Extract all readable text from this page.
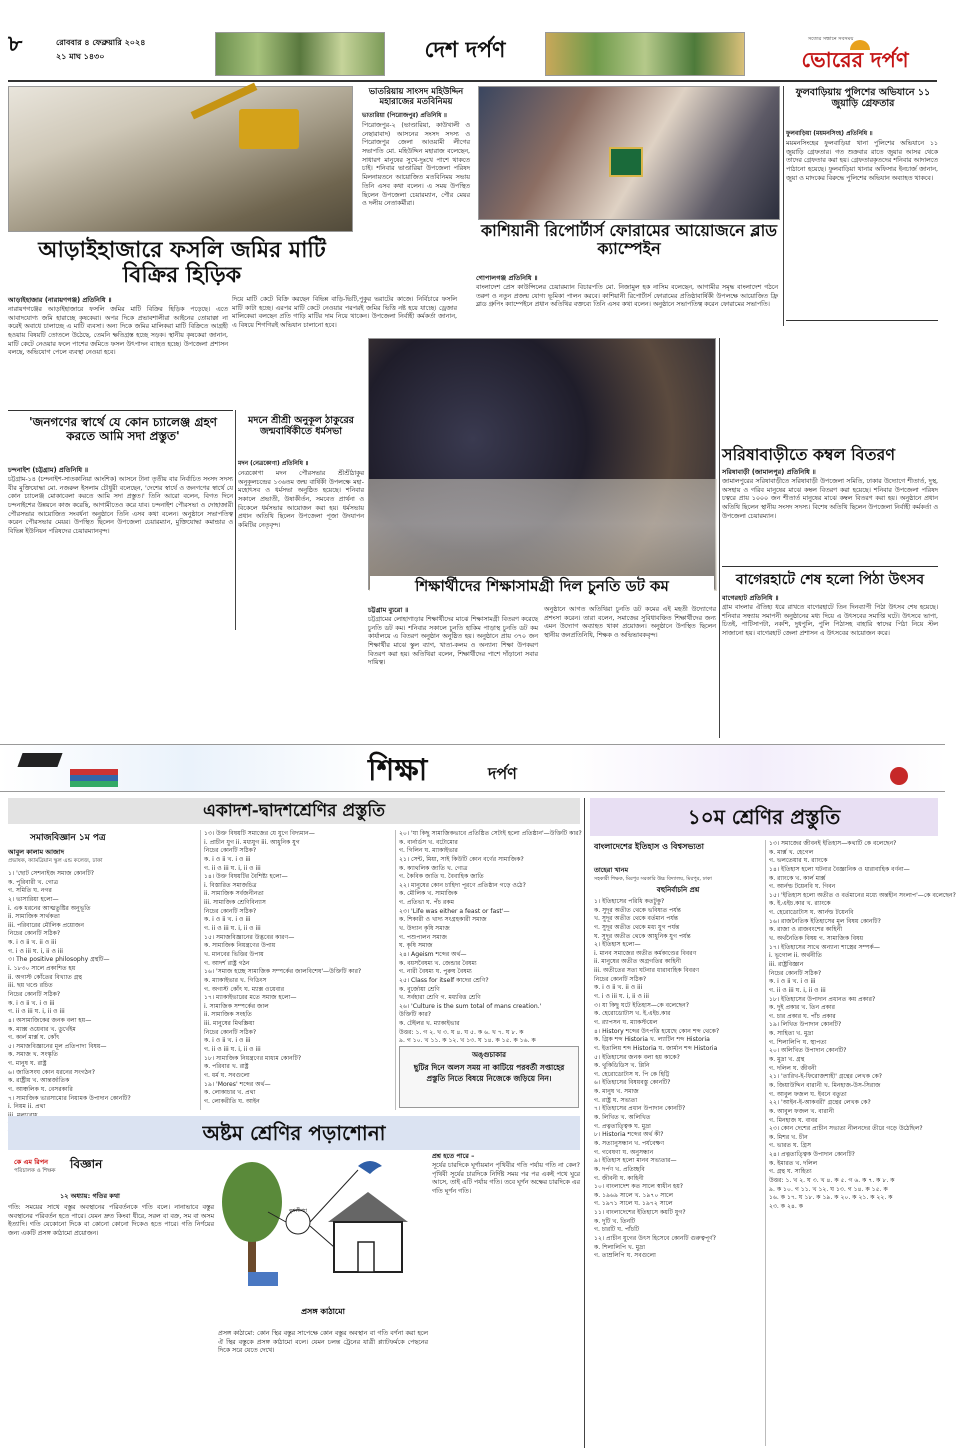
৮	রোববার ৪ ফেব্রুয়ারি ২০২৪
২১ মাঘ ১৪৩০	দেশ দর্পণ	সত্যের সন্ধানে সবসময়
ভোরের দর্পণ
আড়াইহাজারে ফসলি জমির মাটি বিক্রির হিড়িক
আড়াইহাজার (নারায়ণগঞ্জ) প্রতিনিধি ॥
নারায়ণগঞ্জের আড়াইহাজারে ফসলি জমির মাটি বিক্রির হিড়িক পড়েছে। এতে আবাদযোগ্য জমি হারাচ্ছে কৃষকেরা। অপর দিকে প্রভাবশালীরা আইনের তোয়াক্কা না করেই অবাধে চালাচ্ছে এ মাটি ব্যবসা। অন্য দিকে জমির মালিকরা মাটি বিক্রিতে আগ্রহী হওয়ায় বিষয়টি তোতলে উঠেছে, তেমনি ক্ষতিগ্রস্ত হচ্ছে সড়ক। স্থানীয় কৃষকেরা জানান, মাটি কেটে নেওয়ার ফলে পাশের জমিতে ফসল উৎপাদন ব্যাহত হচ্ছে। উপজেলা প্রশাসন বলছে, অভিযোগ পেলে ব্যবস্থা নেওয়া হবে।
দিয়ে মাটি কেটে বিক্রি করছেন বিভিন্ন বাড়ি-ভিটি,পুকুর ভরাটের কাজে। নির্বিচারে ফসলি মাটি কাটা হচ্ছে। এরপর মাটি কেটে নেওয়ার পরপরই জমির ভিত্তি নষ্ট হয়ে যাচ্ছে। ড্রেজার মালিকেরা বলছেন প্রতি গাড়ি মাটির দাম নিয়ে থাকেন। উপজেলা নির্বাহী কর্মকর্তা জানান, এ বিষয়ে শিগগিরই অভিযান চালানো হবে।
ভাতরিয়ায় সাংসদ মহিউদ্দিন মহারাজের মতবিনিময়
ভাতারিয়া (পিরোজপুর) প্রতিনিধি ॥
পিরোজপুর-২ (ভাণ্ডারিয়া, কাউখালী ও নেছারাবাদ) আসনের সংসদ সদস্য ও পিরোজপুর জেলা আওয়ামী লীগের সভাপতি মো. মহিউদ্দিন মহারাজ বলেছেন, সাধারণ মানুষের সুখে-দুঃখে পাশে থাকতে চাই। শনিবার ভাণ্ডারিয়া উপজেলা পরিষদ মিলনায়তনে আয়োজিত মতবিনিময় সভায় তিনি এসব কথা বলেন। এ সময় উপস্থিত ছিলেন উপজেলা চেয়ারম্যান, পৌর মেয়র ও দলীয় নেতাকর্মীরা।
কাশিয়ানী রিপোর্টার্স ফোরামের আয়োজনে ব্লাড ক্যাম্পেইন
গোপালগঞ্জ প্রতিনিধি ॥
বাংলাদেশ প্রেস কাউন্সিলের চেয়ারম্যান বিচারপতি মো. নিজামুল হক নাসিম বলেছেন, আগামীর সমৃদ্ধ বাংলাদেশ গঠনে তরুণ ও নতুন প্রজন্ম যোগ্য ভূমিকা পালন করবে। কাশিয়ানী রিপোর্টার্স ফোরামের প্রতিষ্ঠাবার্ষিকী উপলক্ষে আয়োজিত ফ্রি ব্লাড গ্রুপিং ক্যাম্পেইনে প্রধান অতিথির বক্তব্যে তিনি এসব কথা বলেন। অনুষ্ঠানে সভাপতিত্ব করেন ফোরামের সভাপতি।
ফুলবাড়িয়ায় পুলিশের অভিযানে ১১ জুয়াড়ি গ্রেফতার
ফুলবাড়িয়া (ময়মনসিংহ) প্রতিনিধি ॥
ময়মনসিংহের ফুলবাড়িয়া থানা পুলিশের অভিযানে ১১ জুয়াড়ি গ্রেফতার। গত শুক্রবার রাতে জুয়ার আসর থেকে তাদের গ্রেফতার করা হয়। গ্রেফতারকৃতদের শনিবার আদালতে পাঠানো হয়েছে। ফুলবাড়িয়া থানার অফিসার ইনচার্জ জানান, জুয়া ও মাদকের বিরুদ্ধে পুলিশের অভিযান অব্যাহত থাকবে।
'জনগণের স্বার্থে যে কোন চ্যালেঞ্জ গ্রহণ করতে আমি সদা প্রস্তুত'
চন্দনাইশ (চট্টগ্রাম) প্রতিনিধি ॥
চট্টগ্রাম-১৪ (চন্দনাইশ-সাতকানিয়া আংশিক) আসনে টানা তৃতীয় বার নির্বাচিত সংসদ সদস্য বীর মুক্তিযোদ্ধা মো. নজরুল ইসলাম চৌধুরী বলেছেন, 'দেশের স্বার্থে ও জনগণের স্বার্থে যে কোন চ্যালেঞ্জ মোকাবেলা করতে আমি সদা প্রস্তুত।' তিনি আরো বলেন, বিগত দিনে চন্দনাইশের উন্নয়নে কাজ করেছি, আগামীতেও করে যাব। চন্দনাইশ পৌরসভা ও দোহাজারী পৌরসভার আয়োজিত সংবর্ধনা অনুষ্ঠানে তিনি এসব কথা বলেন। অনুষ্ঠানে সভাপতিত্ব করেন পৌরসভার মেয়র। উপস্থিত ছিলেন উপজেলা চেয়ারম্যান, মুক্তিযোদ্ধা কমান্ডার ও বিভিন্ন ইউনিয়ন পরিষদের চেয়ারম্যানবৃন্দ।
মদনে শ্রীশ্রী অনুকূল ঠাকুরের জন্মবার্ষিকীতে ধর্মসভা
মদন (নেত্রকোণা) প্রতিনিধি ॥
নেত্রকোণা মদন পৌরসভার শ্রীশ্রীঠাকুর অনুকূলচন্দ্রের ১৩৬তম জন্ম বার্ষিকী উপলক্ষে মহা-মহোৎসব ও ধর্মসভা অনুষ্ঠিত হয়েছে। শনিবার সকালে প্রভাতী, উষাকীর্তন, সমবেত প্রার্থনা ও বিকেলে ধর্মসভার আয়োজন করা হয়। ধর্মসভায় প্রধান অতিথি ছিলেন উপজেলা পূজা উদযাপন কমিটির নেতৃবৃন্দ।
শিক্ষার্থীদের শিক্ষাসামগ্রী দিল চুনতি ডট কম
চট্টগ্রাম ব্যুরো ॥
চট্টগ্রামের লোহাগাড়ার শিক্ষার্থীদের মাঝে শিক্ষাসামগ্রী বিতরণ করেছে চুনতি ডট কম। শনিবার সকালে চুনতি হাকিম পাড়াস্থ চুনতি ডট কম কার্যালয়ে এ বিতরণ অনুষ্ঠান অনুষ্ঠিত হয়। অনুষ্ঠানে প্রায় ৩৭০ জন শিক্ষার্থীর মাঝে স্কুল ব্যাগ, খাতা-কলম ও অন্যান্য শিক্ষা উপকরণ বিতরণ করা হয়। অতিথিরা বলেন, শিক্ষার্থীদের পাশে দাঁড়ানো সবার দায়িত্ব।
অনুষ্ঠানে আগত অতিথিরা চুনতি ডট কমের এই মহতী উদ্যোগের প্রশংসা করেন। তারা বলেন, সমাজের সুবিধাবঞ্চিত শিক্ষার্থীদের জন্য এমন উদ্যোগ অব্যাহত থাকা প্রয়োজন। অনুষ্ঠানে উপস্থিত ছিলেন স্থানীয় জনপ্রতিনিধি, শিক্ষক ও অভিভাবকবৃন্দ।
সরিষাবাড়ীতে কম্বল বিতরণ
সরিষাবাড়ী (জামালপুর) প্রতিনিধি ॥
জামালপুরের সরিষাবাড়ীতে সরিষাবাড়ী উপজেলা সমিতি, ঢাকার উদ্যোগে শীতার্ত, দুস্থ, অসহায় ও গরিব মানুষের মাঝে কম্বল বিতরণ করা হয়েছে। শনিবার উপজেলা পরিষদ চত্বরে প্রায় ১০০০ জন শীতার্ত মানুষের মাঝে কম্বল বিতরণ করা হয়। অনুষ্ঠানে প্রধান অতিথি ছিলেন স্থানীয় সংসদ সদস্য। বিশেষ অতিথি ছিলেন উপজেলা নির্বাহী কর্মকর্তা ও উপজেলা চেয়ারম্যান।
বাগেরহাটে শেষ হলো পিঠা উৎসব
বাগেরহাট প্রতিনিধি ॥
গ্রাম বাংলার ঐতিহ্য ধরে রাখতে বাগেরহাটে তিন দিনব্যাপী পিঠা উৎসব শেষ হয়েছে। শনিবার সন্ধ্যায় সমাপনী অনুষ্ঠানের মধ্য দিয়ে এ উৎসবের সমাপ্তি ঘটে। উৎসবে ভাপা, চিতই, পাটিসাপটা, নকশি, দুধপুলি, পুলি পিঠাসহ বাহারি স্বাদের পিঠা নিয়ে স্টল সাজানো হয়। বাগেরহাট জেলা প্রশাসন এ উৎসবের আয়োজন করে।
শিক্ষা	দর্পণ
একাদশ-দ্বাদশশ্রেণির প্রস্তুতি
সমাজবিজ্ঞান ১ম পত্র
আবুল কালাম আজাদ
প্রভাষক, ক্যামব্রিয়ান স্কুল এন্ড কলেজ, ঢাকা
১। 'ছোট সেশনাইজ সমাজ কোনটি?
ক. পুরিবারী খ. গোত্র
গ. সমিতি ঘ. নগর
২। ভাসারিয়া হলো—
i. এক ধরনের আত্মতুষ্টির অনুভূতি
ii. সামাজিক সার্থকতা
iii. পরিবারের মৌলিক প্রয়োজন
নিচের কোনটি সঠিক?
ক. i ও ii খ. ii ও iii
গ. i ও iii ঘ. i, ii ও iii
৩। The positive philosophy গ্রন্থটি—
i. ১৮৩০ সালে প্রকাশিত হয়
ii. অগাস্ট কোঁতের বিখ্যাত গ্রন্থ
iii. ছয় খণ্ডে রচিত
নিচের কোনটি সঠিক?
ক. i ও ii খ. i ও iii
গ. ii ও iii ঘ. i, ii ও iii
৪। অসামাজিকের জনক বলা হয়—
ক. ম্যাক্স ওয়েবার খ. ডুর্খেইম
গ. কার্ল মার্ক্স ঘ. কোঁৎ
৫। সমাজবিজ্ঞানের মূল প্রতিপাদ্য বিষয়—
ক. সমাজ খ. সংস্কৃতি
গ. মানুষ ঘ. রাষ্ট্র
৬। জাতিসংঘ কোন ধরনের সংগঠন?
ক. রাষ্ট্রীয় খ. আন্তর্জাতিক
গ. আঞ্চলিক ঘ. বেসরকারি
৭। সামাজিক ভারসাম্যের নিয়ামক উপাদান কোনটি?
i. নিয়ম ii. প্রথা
১৩। উক্ত বিষয়টি সমাজের যে যুগে বিদ্যমান—
i. প্রাচীন যুগ ii. মধ্যযুগ iii. আধুনিক যুগ
নিচের কোনটি সঠিক?
ক. i ও ii খ. i ও iii
গ. ii ও iii ঘ. i, ii ও iii
১৪। উক্ত বিষয়টির বৈশিষ্ট্য হলো—
i. বিস্তারিত সমাজচিত্র
ii. সামাজিক সর্বজনীনতা
iii. সামাজিক শ্রেণিবিন্যাস
নিচের কোনটি সঠিক?
ক. i ও ii খ. i ও iii
গ. ii ও iii ঘ. i, ii ও iii
১৫। সমাজবিজ্ঞানের উদ্ভবের কারণ—
ক. সামাজিক নিয়ন্ত্রণের উপায়
খ. মানবের ভিত্তির উপায়
গ. আদর্শ রাষ্ট্র গঠন
১৬। 'সমাজ হচ্ছে সামাজিক সম্পর্কের জালবিশেষ'—উক্তিটি কার?
ক. ম্যাকাইভার খ. গিডিংস
গ. অগাস্ট কোঁৎ ঘ. ম্যাক্স ওয়েবার
১৭। ম্যাকাইভারের মতে সমাজ হলো—
i. সামাজিক সম্পর্কের জাল
ii. সামাজিক সংহতি
iii. মানুষের মিথস্ক্রিয়া
নিচের কোনটি সঠিক?
ক. i ও ii খ. i ও iii
গ. ii ও iii ঘ. i, ii ও iii
১৮। সামাজিক নিয়ন্ত্রণের মাধ্যম কোনটি?
ক. পরিবার খ. রাষ্ট্র
গ. ধর্ম ঘ. সবগুলো
১৯। 'Mores' শব্দের অর্থ—
ক. লোকাচার খ. প্রথা
গ. লোকরীতি ঘ. আইন
২০। 'যা কিছু সামাজিকভাবে প্রতিষ্ঠিত সেটাই হলো প্রতিষ্ঠান'—উক্তিটি কার?
ক. বার্নার্ডস খ. বটোমোর
গ. গিলিন ঘ. ম্যাকাইভার
২১। সেন্ট, মিয়া, সাই কিউটি কোন বর্ণের সামাজিক?
ক. ক্যাথলিক জাতি খ. গোত্র
গ. কৈবিক জাতি ঘ. বৈবাহিক জাতি
২২। মানুষের কোন চাহিদা পূরণে প্রতিষ্ঠান গড়ে ওঠে?
ক. মৌলিক খ. সামাজিক
গ. প্রতিভা ঘ. পঁচ রকম
২৩। 'Life was either a feast or fast'—
ক. শিকারী ও খাদ্য সংগ্রহকারী সমাজ
খ. উদ্যান কৃষি সমাজ
গ. পশুপালন সমাজ
ঘ. কৃষি সমাজ
২৪। Ageism শব্দের অর্থ—
ক. বয়সবৈষম্য খ. জেন্ডার বৈষম্য
গ. নারী বৈষম্য ঘ. পুরুষ বৈষম্য
২৫। Class for itself কাদের শ্রেণি?
ক. বুর্জোয়া শ্রেণি
খ. সর্বহারা শ্রেণি গ. মধ্যবিত্ত শ্রেণি
২৬। 'Culture is the sum total of mans creation.'
উক্তিটি কার?
ক. টেইলর খ. ম্যাকাইভার
উত্তর: ১. গ ২. খ ৩. ঘ ৪. ঘ ৫. ক ৬. খ ৭. ঘ ৮. ক
৯. গ ১০. খ ১১. ক ১২. খ ১৩. ঘ ১৪. ক ১৫. ক ১৬. ক
অঙ্গুচাকার
ছুটির দিনে অলস সময় না কাটিয়ে পরবর্তী সপ্তাহের প্রস্তুতি নিতে বিষয়ে নিজেকে জড়িয়ে নিন।
১০ম শ্রেণির প্রস্তুতি
বাংলাদেশের ইতিহাস ও বিশ্বসভ্যতা
তাহেরা খানম
সহকারী শিক্ষক, মিরপুর সরকারি উচ্চ বিদ্যালয়, মিরপুর, ঢাকা
বহুনির্বাচনি প্রশ্ন
১। ইতিহাসের পরিধি কতটুকু?
ক. সুদূর অতীত থেকে ভবিষ্যত পর্যন্ত
খ. সুদূর অতীত থেকে বর্তমান পর্যন্ত
গ. সুদূর অতীত থেকে মধ্য যুগ পর্যন্ত
ঘ. সুদূর অতীত থেকে আধুনিক যুগ পর্যন্ত
২। ইতিহাস হলো—
i. মানব সমাজের অতীত কর্মকাণ্ডের বিবরণ
ii. মানুষের অতীত অগ্রগতির কাহিনী
iii. অতীতের সত্য ঘটনার ধারাবাহিক বিবরণ
নিচের কোনটি সঠিক?
ক. i ও ii খ. ii ও iii
গ. i ও iii ঘ. i, ii ও iii
৩। যা কিছু ঘটে ইতিহাস—কে বলেছেন?
ক. হেরোডোটাস খ. ই.এইচ.কার
গ. র‍্যাপসন ঘ. ম্যাকস্টয়েল
৪। History শব্দের উৎপত্তি হয়েছে কোন শব্দ থেকে?
ক. গ্রিক শব্দ Historia খ. ল্যাটিন শব্দ Historia
গ. ইতালিয় শব্দ Historia ঘ. জার্মান শব্দ Historia
৫। ইতিহাসের জনক বলা হয় কাকে?
ক. থুকিডিডিস খ. প্লিনি
গ. হেরোডোটাস ঘ. পি কে হিট্টি
৬। ইতিহাসের বিষয়বস্তু কোনটি?
ক. মানুষ খ. সমাজ
গ. রাষ্ট্র ঘ. সভ্যতা
৭। ইতিহাসের প্রধান উপাদান কোনটি?
ক. লিখিত খ. অলিখিত
গ. প্রত্নতাত্ত্বিক ঘ. মুদ্রা
৮। Historia শব্দের অর্থ কী?
ক. সত্যানুসন্ধান খ. পর্যবেক্ষণ
গ. গবেষণা ঘ. অনুসন্ধান
৯। ইতিহাস হলো মানব সভ্যতার—
ক. দর্পণ খ. প্রতিচ্ছবি
গ. জীবনী ঘ. কাহিনী
১০। বাংলাদেশ কত সালে স্বাধীন হয়?
ক. ১৯৬৯ সালে খ. ১৯৭০ সালে
গ. ১৯৭১ সালে ঘ. ১৯৭২ সালে
১১। বাংলাদেশের ইতিহাসে কয়টি যুগ?
ক. দুটি খ. তিনটি
গ. চারটি ঘ. পাঁচটি
১২। প্রাচীন যুগের উৎস হিসেবে কোনটি গুরুত্বপূর্ণ?
ক. শিলালিপি খ. মুদ্রা
গ. তাম্রলিপি ঘ. সবগুলো
১৩। সমাজের জীবনই ইতিহাস—কথাটি কে বলেছেন?
ক. মার্ক্স খ. হেগেল
গ. ভলতেয়ার ঘ. র‍্যাংকে
১৪। ইতিহাস হলো ঘটনার বৈজ্ঞানিক ও ধারাবাহিক বর্ণনা—
ক. র‍্যাংকে খ. কার্ল মার্ক্স
গ. আর্নল্ড টয়েনবি ঘ. গিবন
১৫। 'ইতিহাস হলো অতীত ও বর্তমানের মধ্যে অন্তহীন সংলাপ'—কে বলেছেন?
ক. ই.এইচ.কার খ. র‍্যাংকে
গ. হেরোডোটাস ঘ. আর্নল্ড টয়েনবি
১৬। রাজনৈতিক ইতিহাসের মূল বিষয় কোনটি?
ক. রাজা ও রাজবংশের কাহিনী
খ. অর্থনৈতিক বিষয় গ. সামাজিক বিষয়
১৭। ইতিহাসের সাথে অন্যান্য শাস্ত্রের সম্পর্ক—
i. ভূগোল ii. অর্থনীতি
iii. রাষ্ট্রবিজ্ঞান
নিচের কোনটি সঠিক?
ক. i ও ii খ. i ও iii
গ. ii ও iii ঘ. i, ii ও iii
১৮। ইতিহাসের উপাদান প্রধানত কয় প্রকার?
ক. দুই প্রকার খ. তিন প্রকার
গ. চার প্রকার ঘ. পাঁচ প্রকার
১৯। লিখিত উপাদান কোনটি?
ক. সাহিত্য খ. মুদ্রা
গ. শিলালিপি ঘ. স্থাপত্য
২০। অলিখিত উপাদান কোনটি?
ক. মুদ্রা খ. গ্রন্থ
গ. দলিল ঘ. জীবনী
২১। 'তারিখ-ই-ফিরোজশাহী' গ্রন্থের লেখক কে?
ক. জিয়াউদ্দিন বারানী খ. মিনহাজ-উস-সিরাজ
গ. আবুল ফজল ঘ. ইবনে বতুতা
২২। 'আইন-ই-আকবরী' গ্রন্থের লেখক কে?
ক. আবুল ফজল খ. বারানী
গ. মিনহাজ ঘ. বাবর
২৩। কোন দেশের প্রাচীন সভ্যতা নীলনদের তীরে গড়ে উঠেছিল?
ক. মিশর খ. চীন
গ. ভারত ঘ. গ্রিস
২৪। প্রত্নতাত্ত্বিক উপাদান কোনটি?
ক. ইমারত খ. দলিল
গ. গ্রন্থ ঘ. সাহিত্য
উত্তর: ১. খ ২. ঘ ৩. খ ৪. ক ৫. গ ৬. ক ৭. ক ৮. ক
৯. ক ১০. গ ১১. খ ১২. ঘ ১৩. গ ১৪. ক ১৫. ক
১৬. ক ১৭. ঘ ১৮. ক ১৯. ক ২০. ক ২১. ক ২২. ক
২৩. ক ২৪. ক
অষ্টম শ্রেণির পড়াশোনা
কে এম রিপন
পরিচালক ও শিক্ষক বিজ্ঞান
১২ অধ্যায়: গতির কথা
গতি: সময়ের সাথে বস্তুর অবস্থানের পরিবর্তনকে গতি বলে। নানাভাবে বস্তুর অবস্থানের পরিবর্তন হতে পারে। যেমন দ্রুত কিংবা ধীরে, সরল বা বক্র, সম বা অসম ইত্যাদি। গতি যেকোনো দিকে বা কোনো কোনো দিকেও হতে পারে। গতি নির্ণয়ের জন্য একটি প্রসঙ্গ কাঠামো প্রয়োজন।
প্রসঙ্গ কাঠামো
কুশলীপ্যা
প্রসঙ্গ কাঠামো: কোন স্থির বস্তুর সাপেক্ষে কোন বস্তুর অবস্থান বা গতি বর্ণনা করা হলে ঐ স্থির বস্তুকে প্রসঙ্গ কাঠামো বলে। যেমন চলন্ত ট্রেনের যাত্রী প্ল্যাটফর্মকে পেছনের দিকে সরে যেতে দেখে।
প্রশ্ন হতে পারে –
সূর্যের চারদিকে ঘূর্ণায়মান পৃথিবীর গতি পর্যায় গতি না কেন? পৃথিবী সূর্যের চারদিকে নির্দিষ্ট সময় পর পর একই পথে ঘুরে আসে, তাই এটি পর্যায় গতি। তবে ঘূর্ণন অক্ষের চারদিকে এর গতি ঘূর্ণন গতি।
